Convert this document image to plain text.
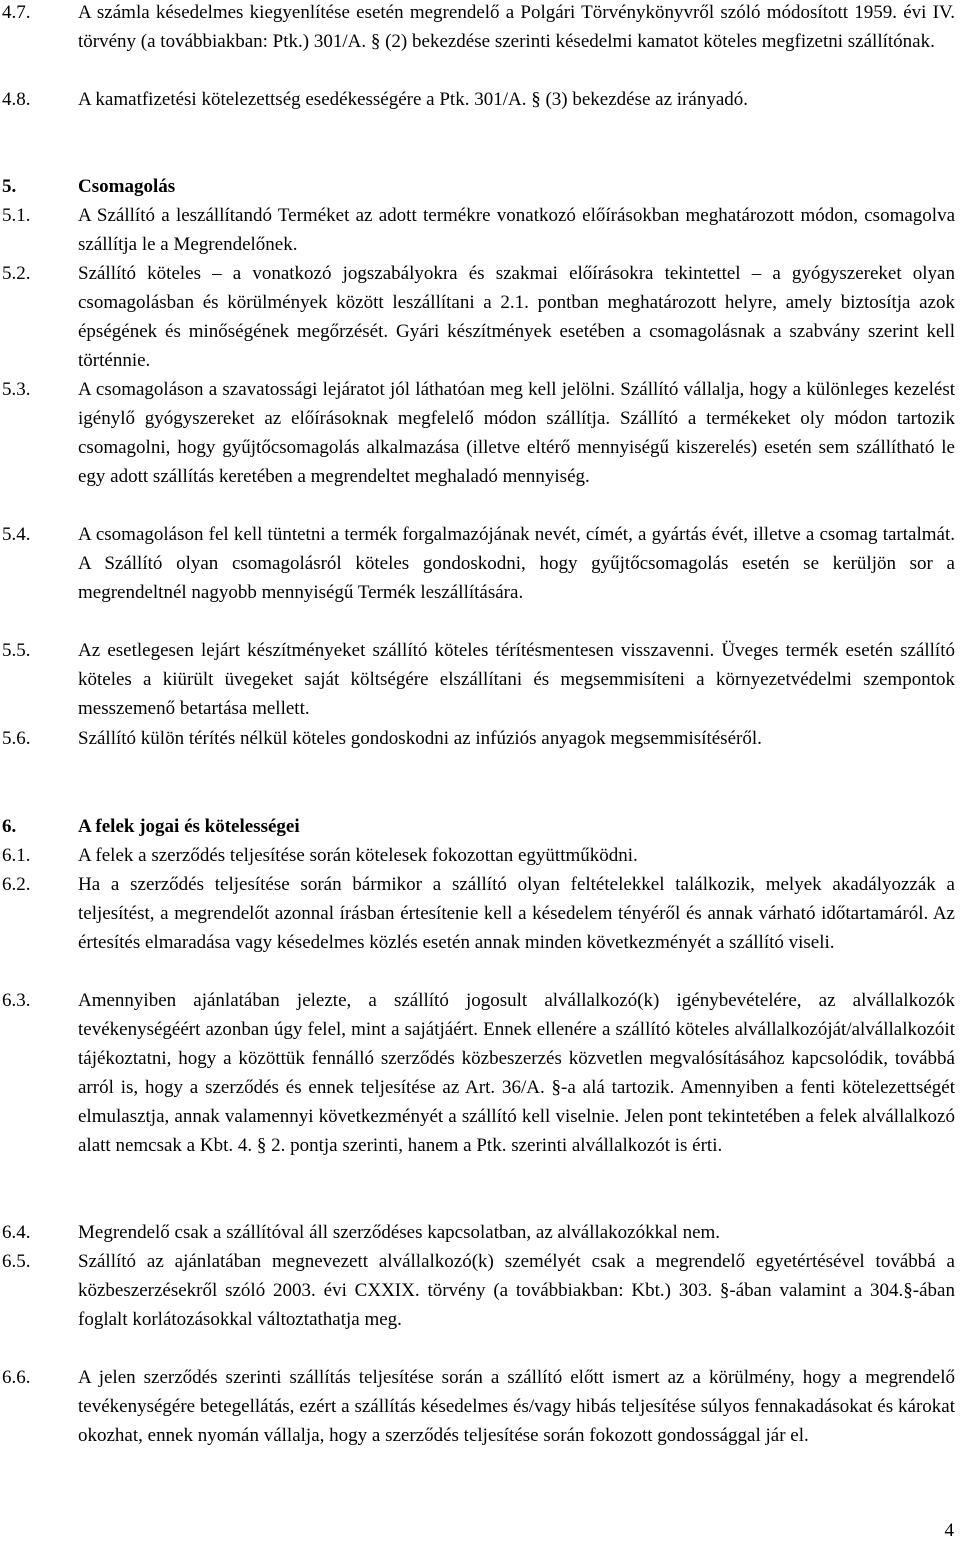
4.7.	A számla késedelmes kiegyenlítése esetén megrendelő a Polgári Törvénykönyvről szóló módosított 1959. évi IV. törvény (a továbbiakban: Ptk.) 301/A. § (2) bekezdése szerinti késedelmi kamatot köteles megfizetni szállítónak.
4.8.	A kamatfizetési kötelezettség esedékességére a Ptk. 301/A. § (3) bekezdése az irányadó.
5.	Csomagolás
5.1.	A Szállító a leszállítandó Terméket az adott termékre vonatkozó előírásokban meghatározott módon, csomagolva szállítja le a Megrendelőnek.
5.2.	Szállító köteles – a vonatkozó jogszabályokra és szakmai előírásokra tekintettel – a gyógyszereket olyan csomagolásban és körülmények között leszállítani a 2.1. pontban meghatározott helyre, amely biztosítja azok épségének és minőségének megőrzését. Gyári készítmények esetében a csomagolásnak a szabvány szerint kell történnie.
5.3.	A csomagoláson a szavatossági lejáratot jól láthatóan meg kell jelölni. Szállító vállalja, hogy a különleges kezelést igénylő gyógyszereket az előírásoknak megfelelő módon szállítja. Szállító a termékeket oly módon tartozik csomagolni, hogy gyűjtőcsomagolás alkalmazása (illetve eltérő mennyiségű kiszerelés) esetén sem szállítható le egy adott szállítás keretében a megrendeltet meghaladó mennyiség.
5.4.	A csomagoláson fel kell tüntetni a termék forgalmazójának nevét, címét, a gyártás évét, illetve a csomag tartalmát. A Szállító olyan csomagolásról köteles gondoskodni, hogy gyűjtőcsomagolás esetén se kerüljön sor a megrendeltnél nagyobb mennyiségű Termék leszállítására.
5.5.	Az esetlegesen lejárt készítményeket szállító köteles térítésmentesen visszavenni. Üveges termék esetén szállító köteles a kiürült üvegeket saját költségére elszállítani és megsemmisíteni a környezetvédelmi szempontok messzemenő betartása mellett.
5.6.	Szállító külön térítés nélkül köteles gondoskodni az infúziós anyagok megsemmisítéséről.
6.	A felek jogai és kötelességei
6.1.	A felek a szerződés teljesítése során kötelesek fokozottan együttműködni.
6.2.	Ha a szerződés teljesítése során bármikor a szállító olyan feltételekkel találkozik, melyek akadályozzák a teljesítést, a megrendelőt azonnal írásban értesítenie kell a késedelem tényéről és annak várható időtartamáról. Az értesítés elmaradása vagy késedelmes közlés esetén annak minden következményét a szállító viseli.
6.3.	Amennyiben ajánlatában jelezte, a szállító jogosult alvállalkozó(k) igénybevételére, az alvállalkozók tevékenységéért azonban úgy felel, mint a sajátjáért. Ennek ellenére a szállító köteles alvállalkozóját/alvállalkozóit tájékoztatni, hogy a közöttük fennálló szerződés közbeszerzés közvetlen megvalósításához kapcsolódik, továbbá arról is, hogy a szerződés és ennek teljesítése az Art. 36/A. §-a alá tartozik. Amennyiben a fenti kötelezettségét elmulasztja, annak valamennyi következményét a szállító kell viselnie. Jelen pont tekintetében a felek alvállalkozó alatt nemcsak a Kbt. 4. § 2. pontja szerinti, hanem a Ptk. szerinti alvállalkozót is érti.
6.4.	Megrendelő csak a szállítóval áll szerződéses kapcsolatban, az alvállakozókkal nem.
6.5.	Szállító az ajánlatában megnevezett alvállalkozó(k) személyét csak a megrendelő egyetértésével továbbá a közbeszerzésekről szóló 2003. évi CXXIX. törvény (a továbbiakban: Kbt.) 303. §-ában valamint a 304.§-ában foglalt korlátozásokkal változtathatja meg.
6.6.	A jelen szerződés szerinti szállítás teljesítése során a szállító előtt ismert az a körülmény, hogy a megrendelő tevékenységére betegellátás, ezért a szállítás késedelmes és/vagy hibás teljesítése súlyos fennakadásokat és károkat okozhat, ennek nyomán vállalja, hogy a szerződés teljesítése során fokozott gondossággal jár el.
4
